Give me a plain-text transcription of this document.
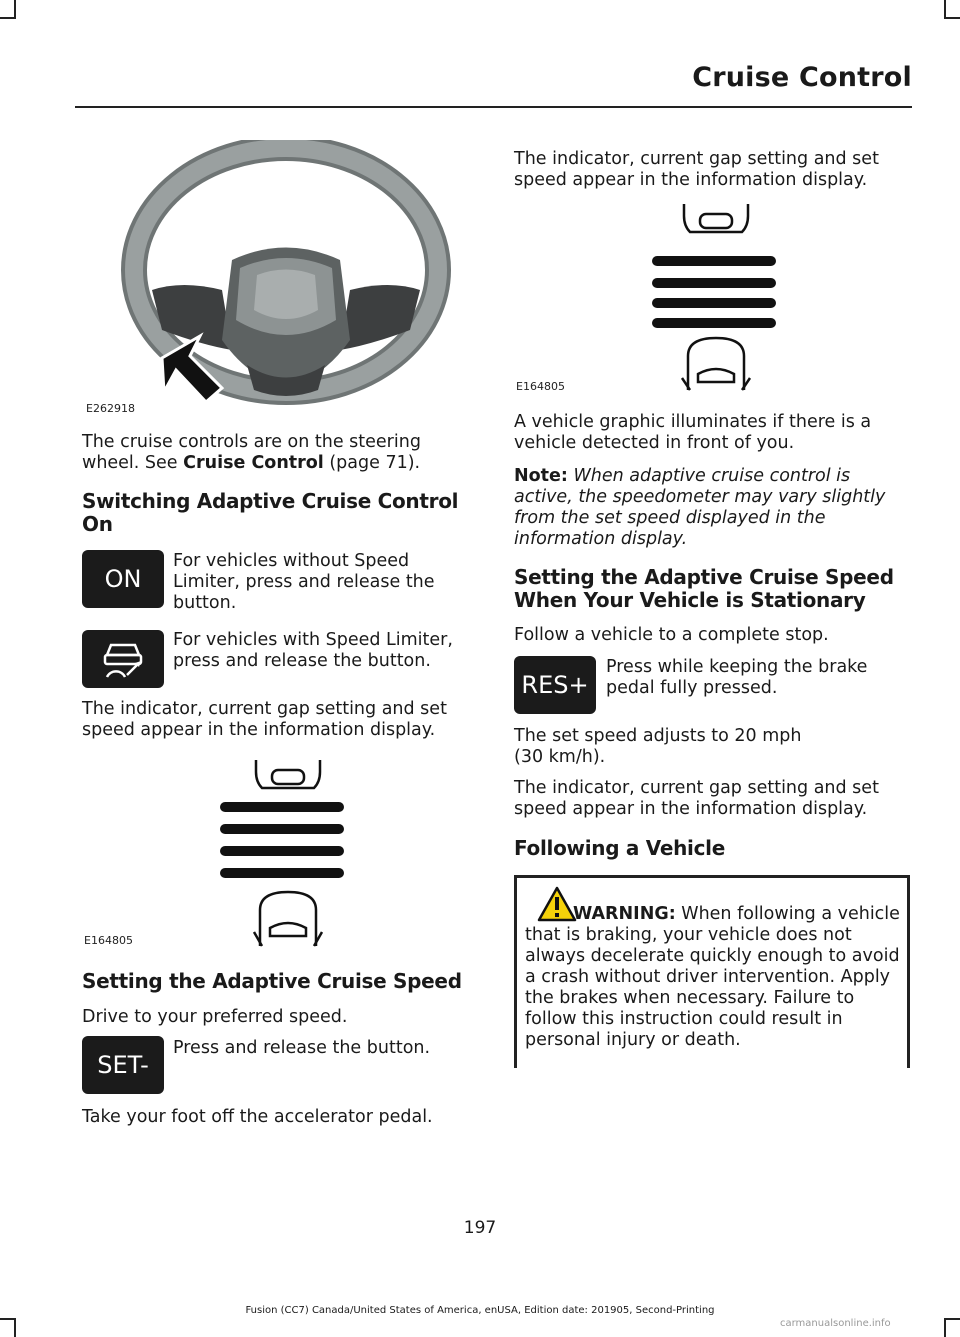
Cruise Control
E262918

The cruise controls are on the steering wheel. See Cruise Control (page 71).

Switching Adaptive Cruise Control On
ON
For vehicles without Speed Limiter, press and release the button.
For vehicles with Speed Limiter, press and release the button.

The indicator, current gap setting and set speed appear in the information display.

E164805
Setting the Adaptive Cruise Speed

Drive to your preferred speed.

SET-
Press and release the button.

Take your foot off the accelerator pedal.

The indicator, current gap setting and set speed appear in the information display.

E164805

A vehicle graphic illuminates if there is a vehicle detected in front of you.

Note: When adaptive cruise control is active, the speedometer may vary slightly from the set speed displayed in the information display.

Setting the Adaptive Cruise Speed When Your Vehicle is Stationary

Follow a vehicle to a complete stop.

RES+
Press while keeping the brake pedal fully pressed.

The set speed adjusts to 20 mph (30 km/h).

The indicator, current gap setting and set speed appear in the information display.

Following a Vehicle
WARNING: When following a vehicle that is braking, your vehicle does not always decelerate quickly enough to avoid a crash without driver intervention. Apply the brakes when necessary. Failure to follow this instruction could result in personal injury or death.
197
Fusion (CC7) Canada/United States of America, enUSA, Edition date: 201905, Second-Printing
carmanualsonline.info
